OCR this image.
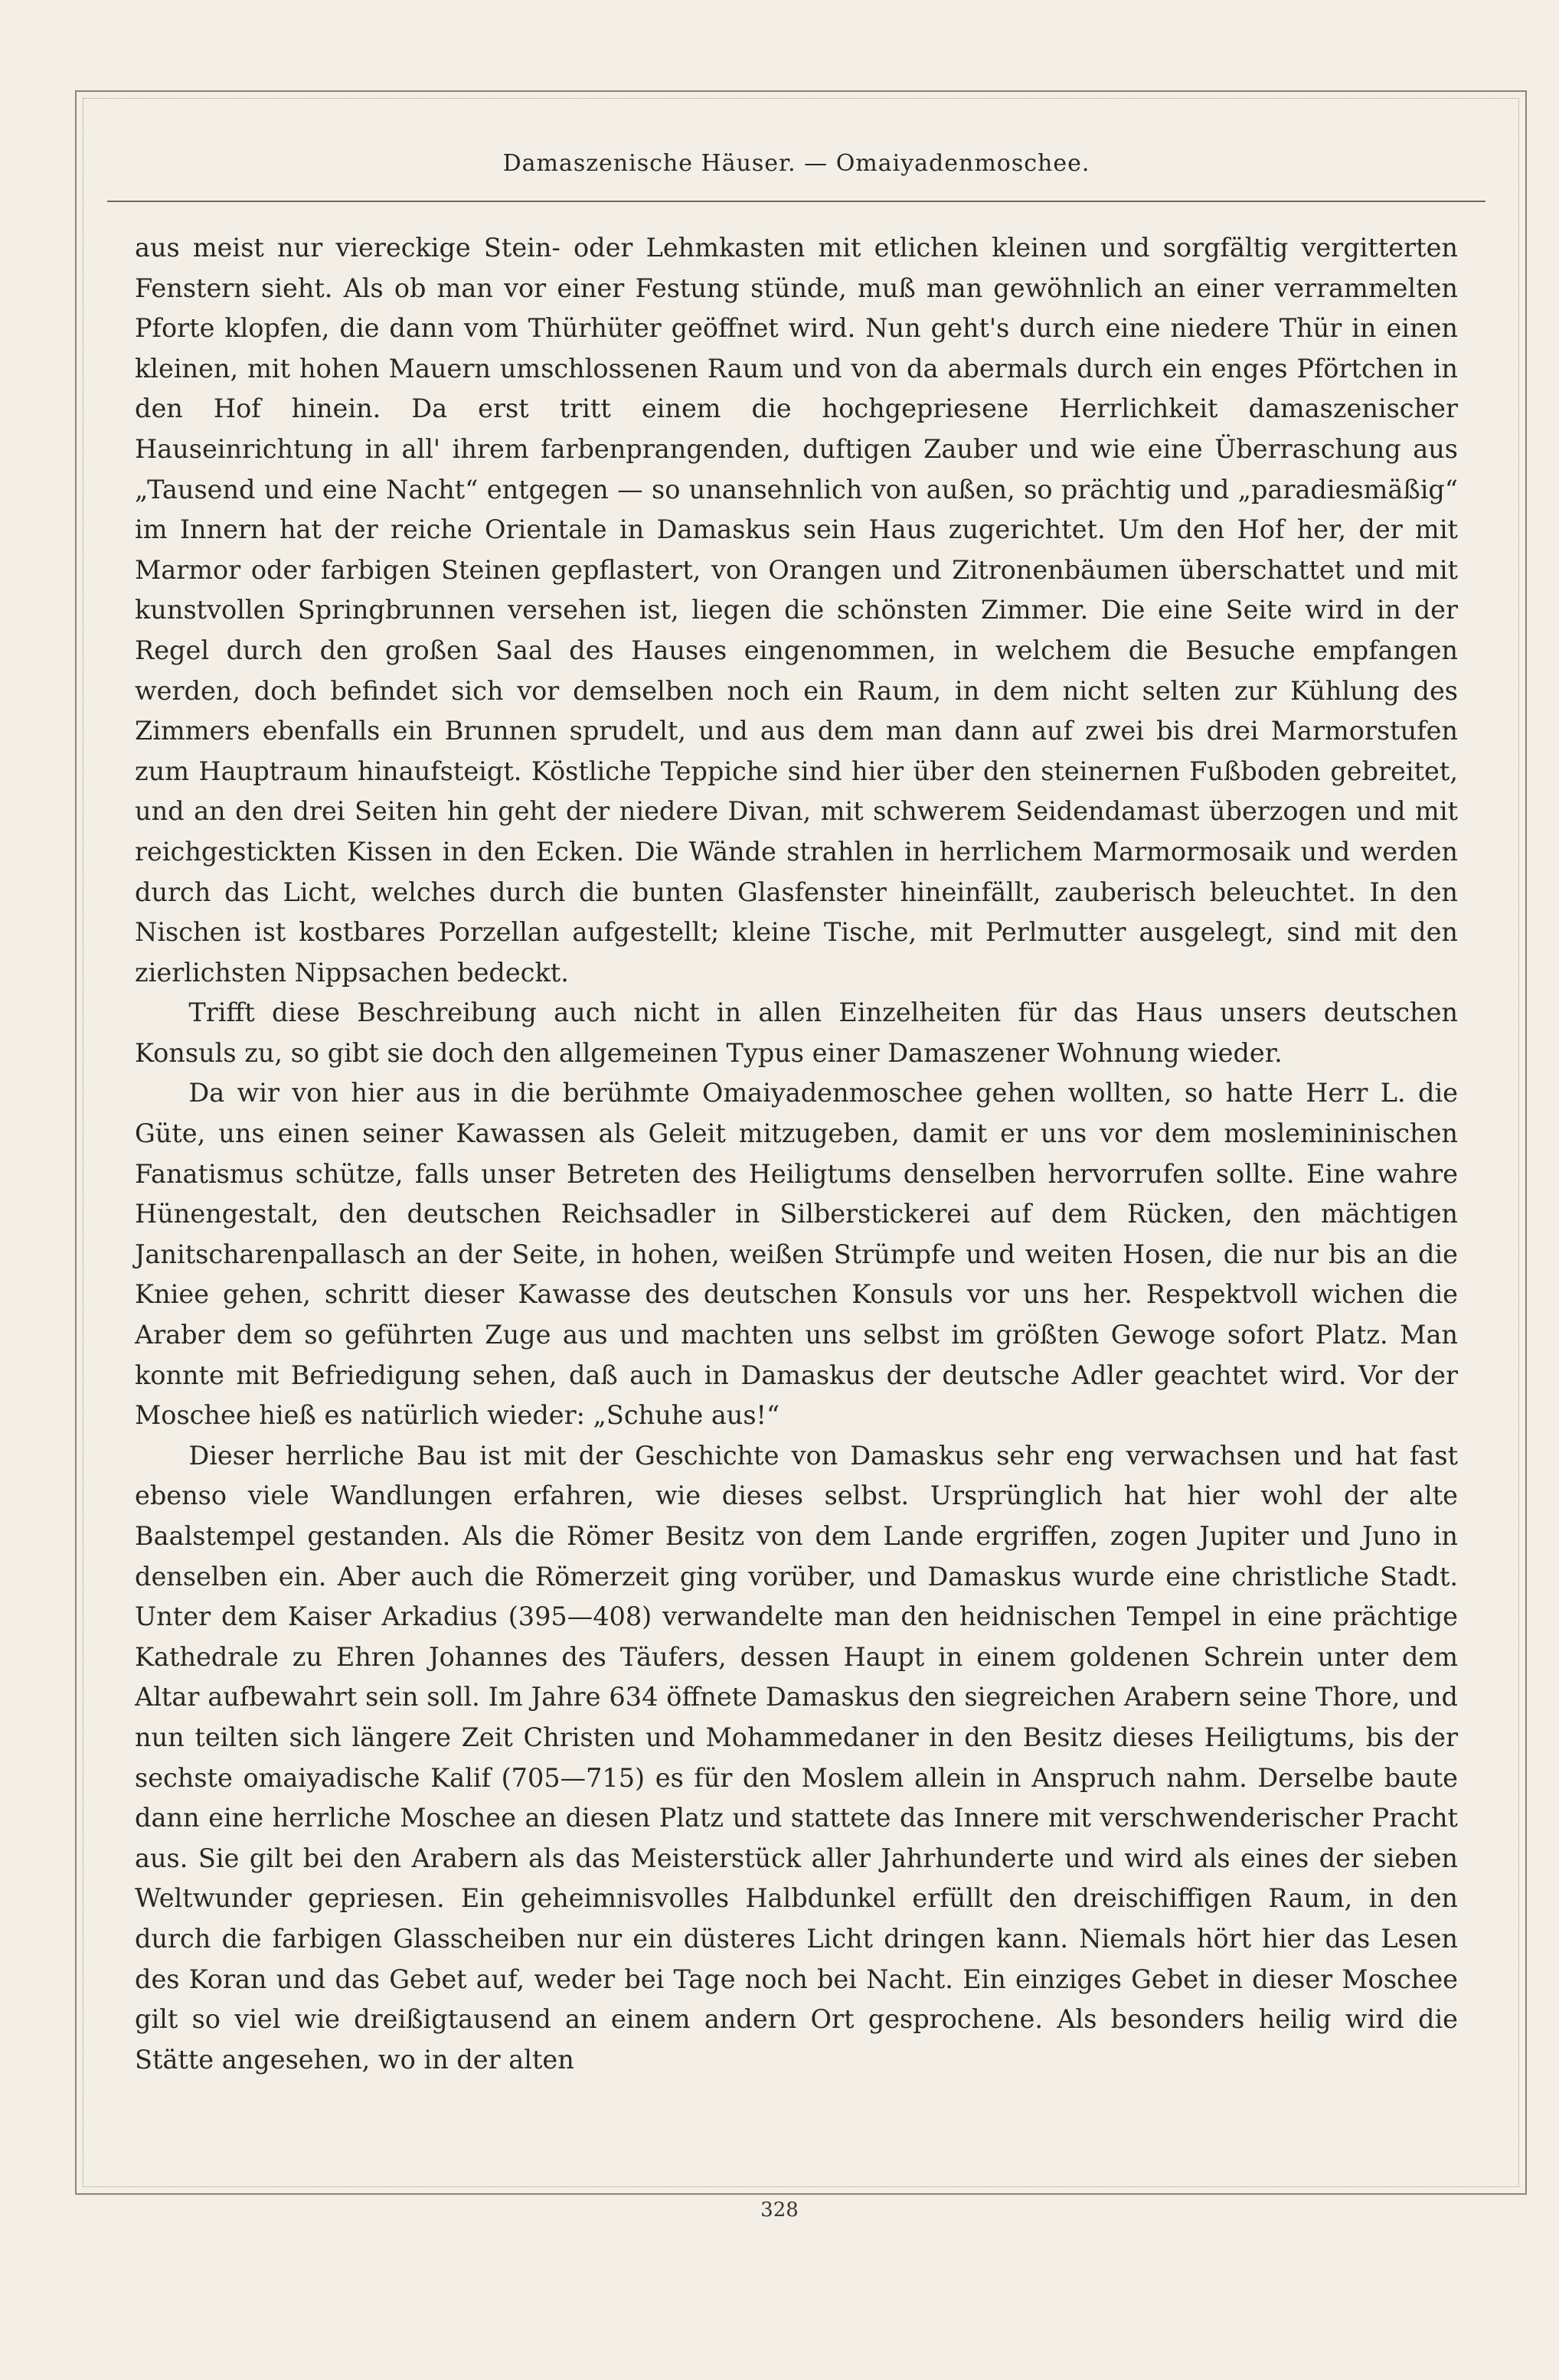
Damaszenische Häuser. — Omaiyadenmoschee.

aus meist nur viereckige Stein- oder Lehmkasten mit etlichen kleinen und sorgfältig vergitterten Fenstern sieht. Als ob man vor einer Festung stünde, muß man gewöhnlich an einer verrammelten Pforte klopfen, die dann vom Thürhüter geöffnet wird. Nun geht's durch eine niedere Thür in einen kleinen, mit hohen Mauern umschlossenen Raum und von da abermals durch ein enges Pförtchen in den Hof hinein. Da erst tritt einem die hochgepriesene Herrlichkeit damaszenischer Hauseinrichtung in all' ihrem farbenprangenden, duftigen Zauber und wie eine Überraschung aus „Tausend und eine Nacht“ entgegen — so unansehnlich von außen, so prächtig und „paradiesmäßig“ im Innern hat der reiche Orientale in Damaskus sein Haus zugerichtet. Um den Hof her, der mit Marmor oder farbigen Steinen gepflastert, von Orangen und Zitronenbäumen überschattet und mit kunstvollen Springbrunnen versehen ist, liegen die schönsten Zimmer. Die eine Seite wird in der Regel durch den großen Saal des Hauses eingenommen, in welchem die Besuche empfangen werden, doch befindet sich vor demselben noch ein Raum, in dem nicht selten zur Kühlung des Zimmers ebenfalls ein Brunnen sprudelt, und aus dem man dann auf zwei bis drei Marmorstufen zum Hauptraum hinaufsteigt. Köstliche Teppiche sind hier über den steinernen Fußboden gebreitet, und an den drei Seiten hin geht der niedere Divan, mit schwerem Seidendamast überzogen und mit reichgestickten Kissen in den Ecken. Die Wände strahlen in herrlichem Marmormosaik und werden durch das Licht, welches durch die bunten Glasfenster hineinfällt, zauberisch beleuchtet. In den Nischen ist kostbares Porzellan aufgestellt; kleine Tische, mit Perlmutter ausgelegt, sind mit den zierlichsten Nippsachen bedeckt.

Trifft diese Beschreibung auch nicht in allen Einzelheiten für das Haus unsers deutschen Konsuls zu, so gibt sie doch den allgemeinen Typus einer Damaszener Wohnung wieder.

Da wir von hier aus in die berühmte Omaiyadenmoschee gehen wollten, so hatte Herr L. die Güte, uns einen seiner Kawassen als Geleit mitzugeben, damit er uns vor dem moslemininischen Fanatismus schütze, falls unser Betreten des Heiligtums denselben hervorrufen sollte. Eine wahre Hünengestalt, den deutschen Reichsadler in Silberstickerei auf dem Rücken, den mächtigen Janitscharenpallasch an der Seite, in hohen, weißen Strümpfe und weiten Hosen, die nur bis an die Kniee gehen, schritt dieser Kawasse des deutschen Konsuls vor uns her. Respektvoll wichen die Araber dem so geführten Zuge aus und machten uns selbst im größten Gewoge sofort Platz. Man konnte mit Befriedigung sehen, daß auch in Damaskus der deutsche Adler geachtet wird. Vor der Moschee hieß es natürlich wieder: „Schuhe aus!“

Dieser herrliche Bau ist mit der Geschichte von Damaskus sehr eng verwachsen und hat fast ebenso viele Wandlungen erfahren, wie dieses selbst. Ursprünglich hat hier wohl der alte Baalstempel gestanden. Als die Römer Besitz von dem Lande ergriffen, zogen Jupiter und Juno in denselben ein. Aber auch die Römerzeit ging vorüber, und Damaskus wurde eine christliche Stadt. Unter dem Kaiser Arkadius (395—408) verwandelte man den heidnischen Tempel in eine prächtige Kathedrale zu Ehren Johannes des Täufers, dessen Haupt in einem goldenen Schrein unter dem Altar aufbewahrt sein soll. Im Jahre 634 öffnete Damaskus den siegreichen Arabern seine Thore, und nun teilten sich längere Zeit Christen und Mohammedaner in den Besitz dieses Heiligtums, bis der sechste omaiyadische Kalif (705—715) es für den Moslem allein in Anspruch nahm. Derselbe baute dann eine herrliche Moschee an diesen Platz und stattete das Innere mit verschwenderischer Pracht aus. Sie gilt bei den Arabern als das Meisterstück aller Jahrhunderte und wird als eines der sieben Weltwunder gepriesen. Ein geheimnisvolles Halbdunkel erfüllt den dreischiffigen Raum, in den durch die farbigen Glasscheiben nur ein düsteres Licht dringen kann. Niemals hört hier das Lesen des Koran und das Gebet auf, weder bei Tage noch bei Nacht. Ein einziges Gebet in dieser Moschee gilt so viel wie dreißigtausend an einem andern Ort gesprochene. Als besonders heilig wird die Stätte angesehen, wo in der alten

328
